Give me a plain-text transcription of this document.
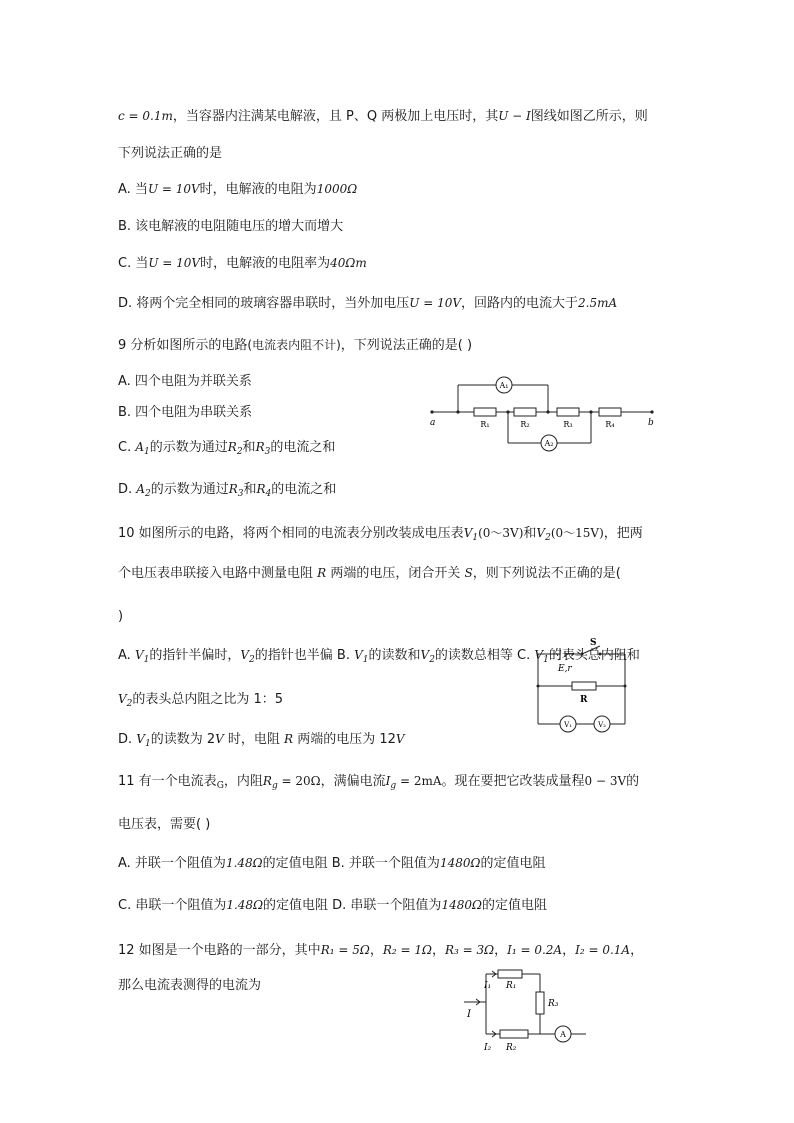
c = 0.1m，当容器内注满某电解液，且 P、Q 两极加上电压时，其U − I图线如图乙所示，则
下列说法正确的是
A. 当U = 10V时，电解液的电阻为1000Ω
B. 该电解液的电阻随电压的增大而增大
C. 当U = 10V时，电解液的电阻率为40Ωm
D. 将两个完全相同的玻璃容器串联时，当外加电压U = 10V，回路内的电流大于2.5mA
9 分析如图所示的电路(电流表内阻不计)，下列说法正确的是( )
A. 四个电阻为并联关系
B. 四个电阻为串联关系
C. $A_1$的示数为通过$R_2$和$R_3$的电流之和
D. $A_2$的示数为通过$R_3$和$R_4$的电流之和
A₁
A₂
R₁	R₂	R₃	R₄
a	b
10 如图所示的电路，将两个相同的电流表分别改装成电压表$V_1(0\sim 3V)$和$V_2(0\sim 15V)$，把两
个电压表串联接入电路中测量电阻 R 两端的电压，闭合开关 S，则下列说法不正确的是(
)
S
E,r
R
V₁	V₂
A. $V_1$的指针半偏时，$V_2$的指针也半偏 B. $V_1$的读数和$V_2$的读数总相等 C. $V_1$的表头总内阻和
$V_2$的表头总内阻之比为 1：5
D. $V_1$的读数为 2V 时，电阻 R 两端的电压为 12V
11 有一个电流表$_G$，内阻$R_g = 20\Omega$，满偏电流$I_g = 2mA$。现在要把它改装成量程0 − 3V的
电压表，需要( )
A. 并联一个阻值为1.48Ω的定值电阻 B. 并联一个阻值为1480Ω的定值电阻
C. 串联一个阻值为1.48Ω的定值电阻 D. 串联一个阻值为1480Ω的定值电阻
12 如图是一个电路的一部分，其中R₁ = 5Ω，R₂ = 1Ω，R₃ = 3Ω，I₁ = 0.2A，I₂ = 0.1A，
那么电流表测得的电流为
I
I₁ R₁
R₃
I₂ R₂
A
